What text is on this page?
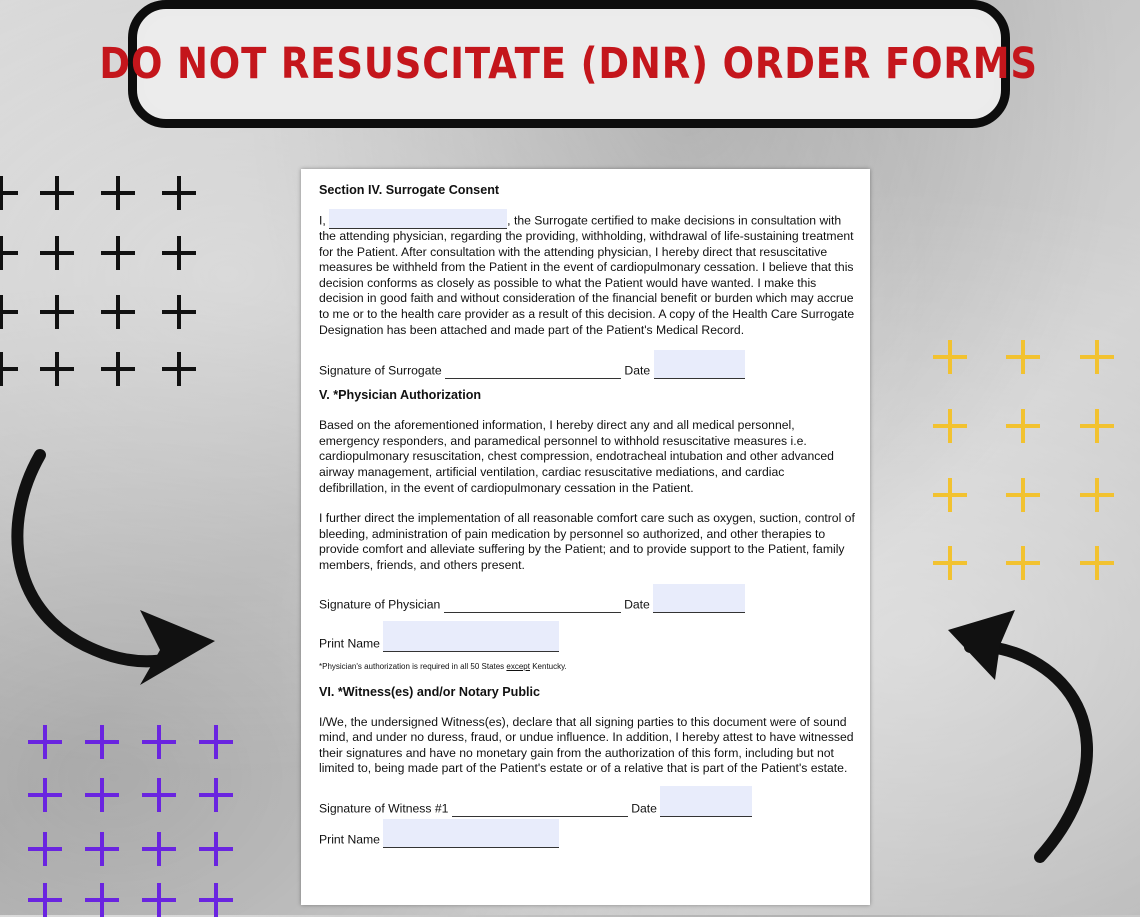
DO NOT RESUSCITATE (DNR) ORDER FORMS
Section IV. Surrogate Consent

I,	, the Surrogate certified to make decisions in consultation with the attending physician, regarding the providing, withholding, withdrawal of life-sustaining treatment for the Patient. After consultation with the attending physician, I hereby direct that resuscitative measures be withheld from the Patient in the event of cardiopulmonary cessation. I believe that this decision conforms as closely as possible to what the Patient would have wanted. I make this decision in good faith and without consideration of the financial benefit or burden which may accrue to me or to the health care provider as a result of this decision. A copy of the Health Care Surrogate Designation has been attached and made part of the Patient's Medical Record.

Signature of Surrogate	Date

V. *Physician Authorization

Based on the aforementioned information, I hereby direct any and all medical personnel, emergency responders, and paramedical personnel to withhold resuscitative measures i.e. cardiopulmonary resuscitation, chest compression, endotracheal intubation and other advanced airway management, artificial ventilation, cardiac resuscitative mediations, and cardiac defibrillation, in the event of cardiopulmonary cessation in the Patient.

I further direct the implementation of all reasonable comfort care such as oxygen, suction, control of bleeding, administration of pain medication by personnel so authorized, and other therapies to provide comfort and alleviate suffering by the Patient; and to provide support to the Patient, family members, friends, and others present.

Signature of Physician	Date

Print Name

*Physician's authorization is required in all 50 States except Kentucky.

VI. *Witness(es) and/or Notary Public

I/We, the undersigned Witness(es), declare that all signing parties to this document were of sound mind, and under no duress, fraud, or undue influence. In addition, I hereby attest to have witnessed their signatures and have no monetary gain from the authorization of this form, including but not limited to, being made part of the Patient's estate or of a relative that is part of the Patient's estate.

Signature of Witness #1	Date

Print Name
